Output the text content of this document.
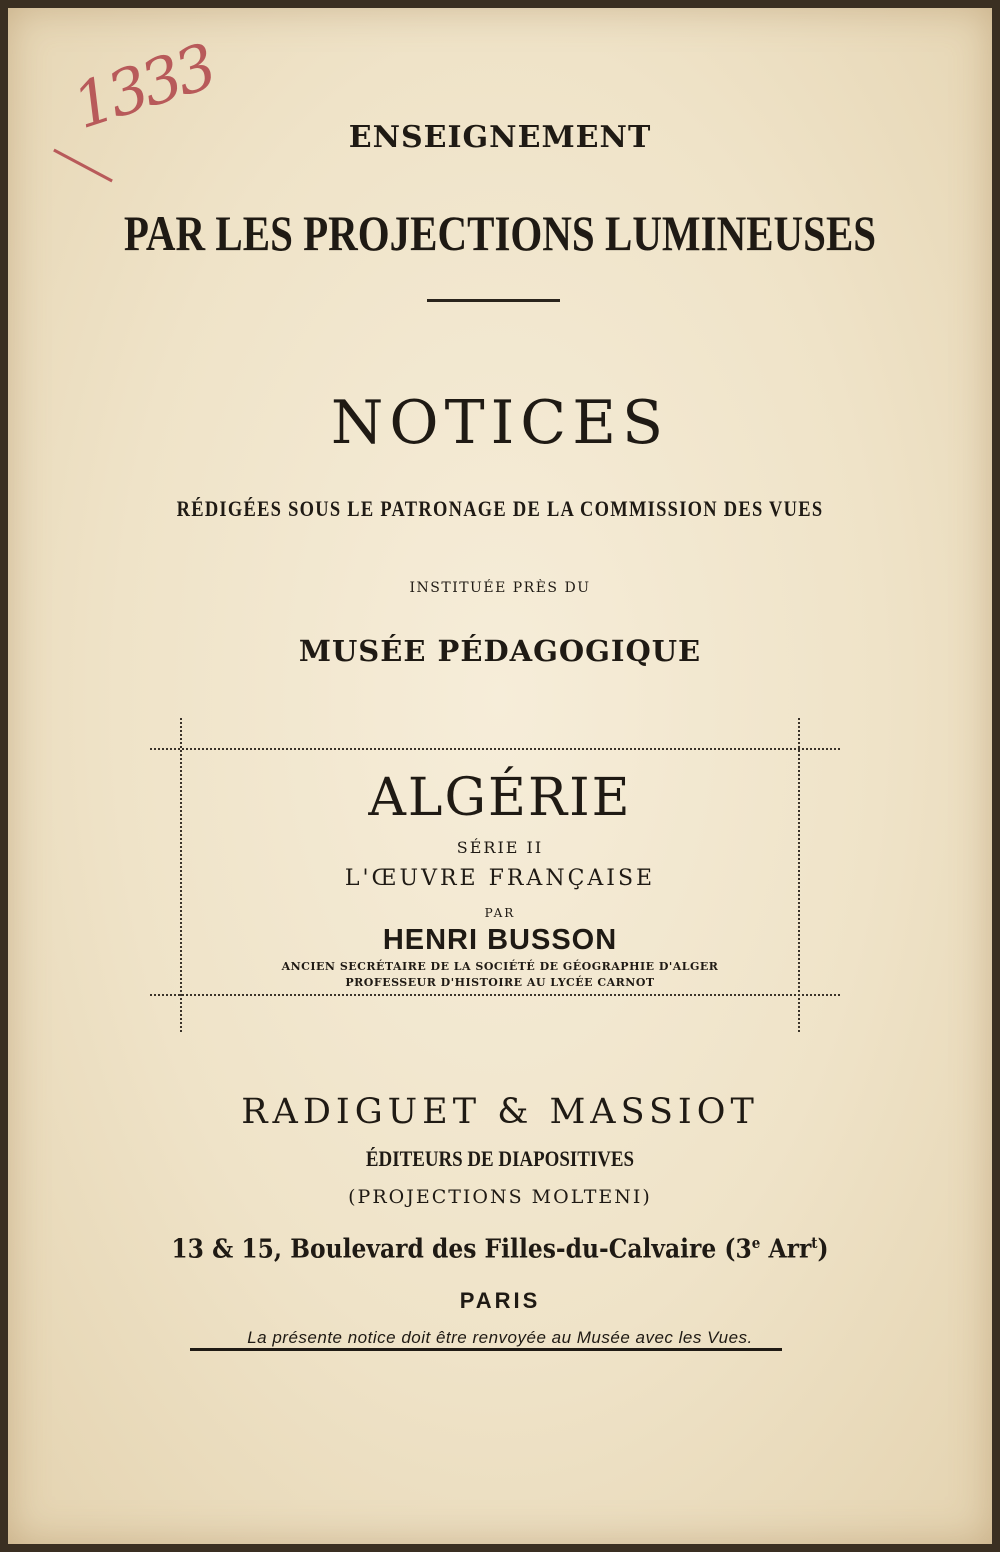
1333	ENSEIGNEMENT
PAR LES PROJECTIONS LUMINEUSES
NOTICES
RÉDIGÉES SOUS LE PATRONAGE DE LA COMMISSION DES VUES
INSTITUÉE PRÈS DU
MUSÉE PÉDAGOGIQUE
ALGÉRIE
SÉRIE II
L'ŒUVRE FRANÇAISE
PAR
HENRI BUSSON
ANCIEN SECRÉTAIRE DE LA SOCIÉTÉ DE GÉOGRAPHIE D'ALGER
PROFESSEUR D'HISTOIRE AU LYCÉE CARNOT
RADIGUET & MASSIOT
ÉDITEURS DE DIAPOSITIVES
(PROJECTIONS MOLTENI)
13 & 15, Boulevard des Filles-du-Calvaire (3e Arr$^t$)
PARIS
La présente notice doit être renvoyée au Musée avec les Vues.
